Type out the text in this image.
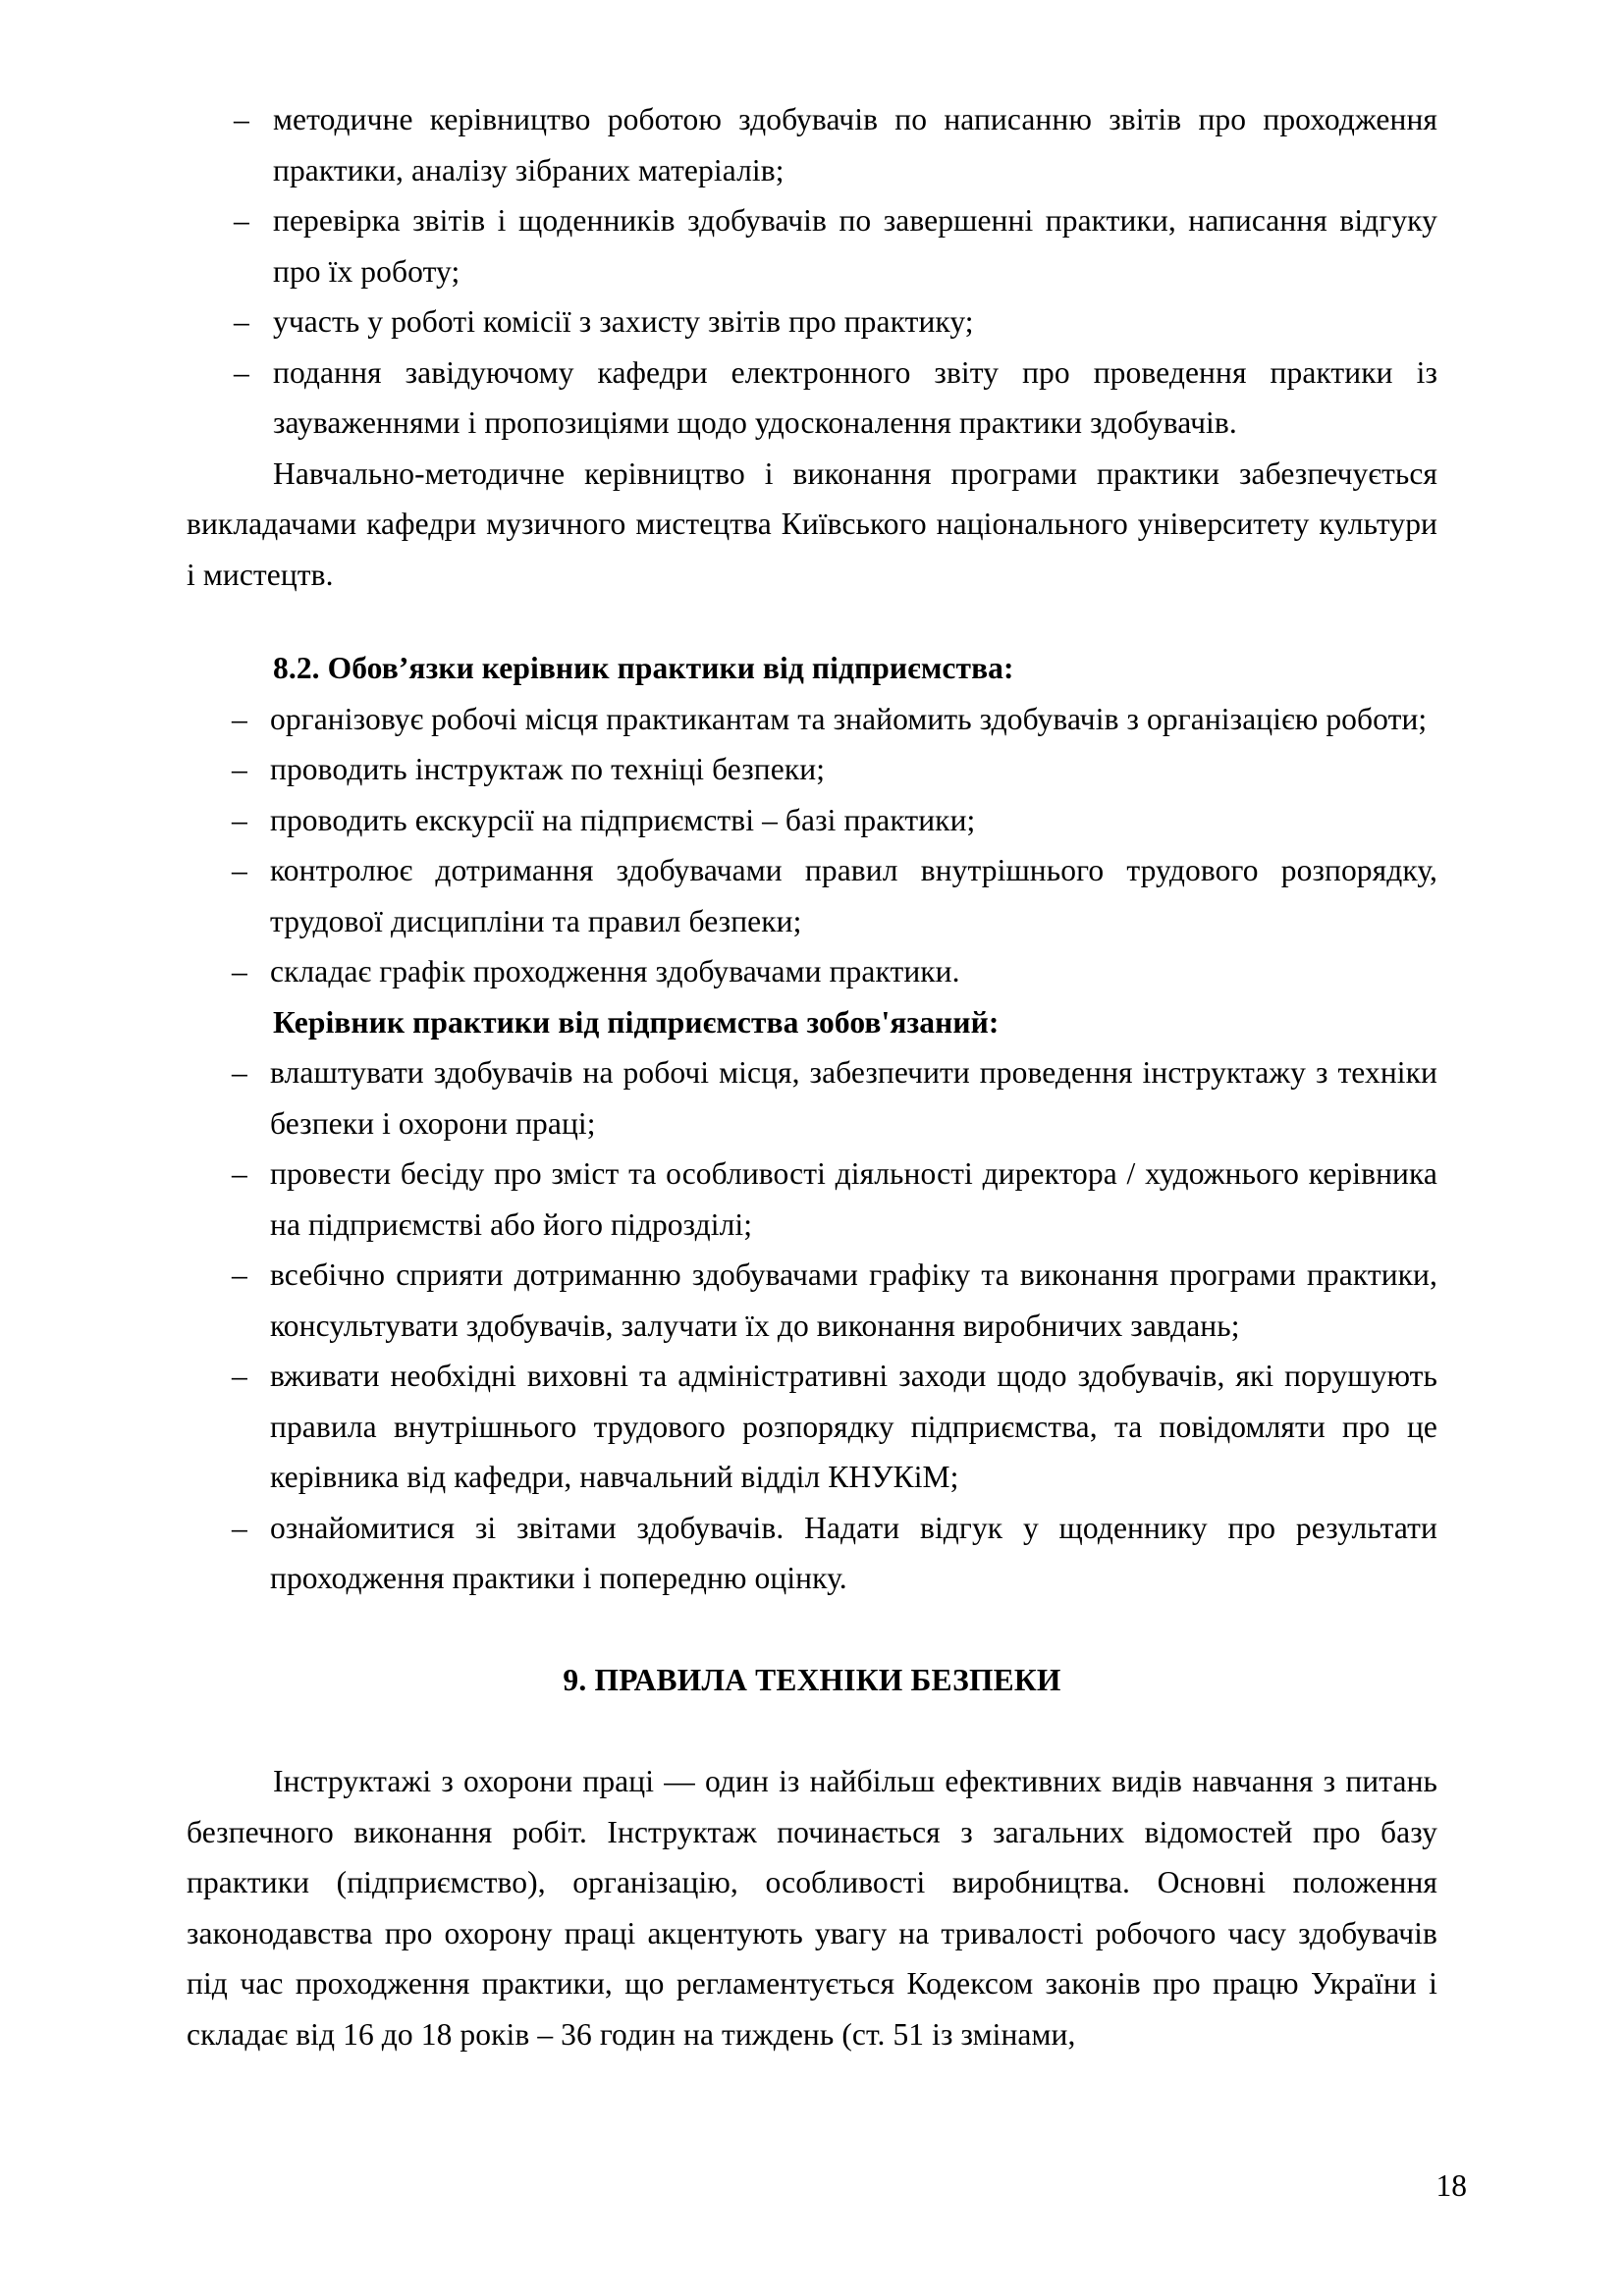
– методичне керівництво роботою здобувачів по написанню звітів про проходження практики, аналізу зібраних матеріалів;
– перевірка звітів і щоденників здобувачів по завершенні практики, написання відгуку про їх роботу;
– участь у роботі комісії з захисту звітів про практику;
– подання завідуючому кафедри електронного звіту про проведення практики із зауваженнями і пропозиціями щодо удосконалення практики здобувачів.

Навчально-методичне керівництво і виконання програми практики забезпечується викладачами кафедри музичного мистецтва Київського національного університету культури і мистецтв.

8.2. Обов’язки керівник практики від підприємства:

– організовує робочі місця практикантам та знайомить здобувачів з організацією роботи;
– проводить інструктаж по техніці безпеки;
– проводить екскурсії на підприємстві – базі практики;
– контролює дотримання здобувачами правил внутрішнього трудового розпорядку, трудової дисципліни та правил безпеки;
– складає графік проходження здобувачами практики.

Керівник практики від підприємства зобов'язаний:

– влаштувати здобувачів на робочі місця, забезпечити проведення інструктажу з техніки безпеки і охорони праці;
– провести бесіду про зміст та особливості діяльності директора / художнього керівника на підприємстві або його підрозділі;
– всебічно сприяти дотриманню здобувачами графіку та виконання програми практики, консультувати здобувачів, залучати їх до виконання виробничих завдань;
– вживати необхідні виховні та адміністративні заходи щодо здобувачів, які порушують правила внутрішнього трудового розпорядку підприємства, та повідомляти про це керівника від кафедри, навчальний відділ КНУКіМ;
– ознайомитися зі звітами здобувачів. Надати відгук у щоденнику про результати проходження практики і попередню оцінку.

9. ПРАВИЛА ТЕХНІКИ БЕЗПЕКИ

Інструктажі з охорони праці — один із найбільш ефективних видів навчання з питань безпечного виконання робіт. Інструктаж починається з загальних відомостей про базу практики (підприємство), організацію, особливості виробництва. Основні положення законодавства про охорону праці акцентують увагу на тривалості робочого часу здобувачів під час проходження практики, що регламентується Кодексом законів про працю України і складає від 16 до 18 років – 36 годин на тиждень (ст. 51 із змінами,

18
